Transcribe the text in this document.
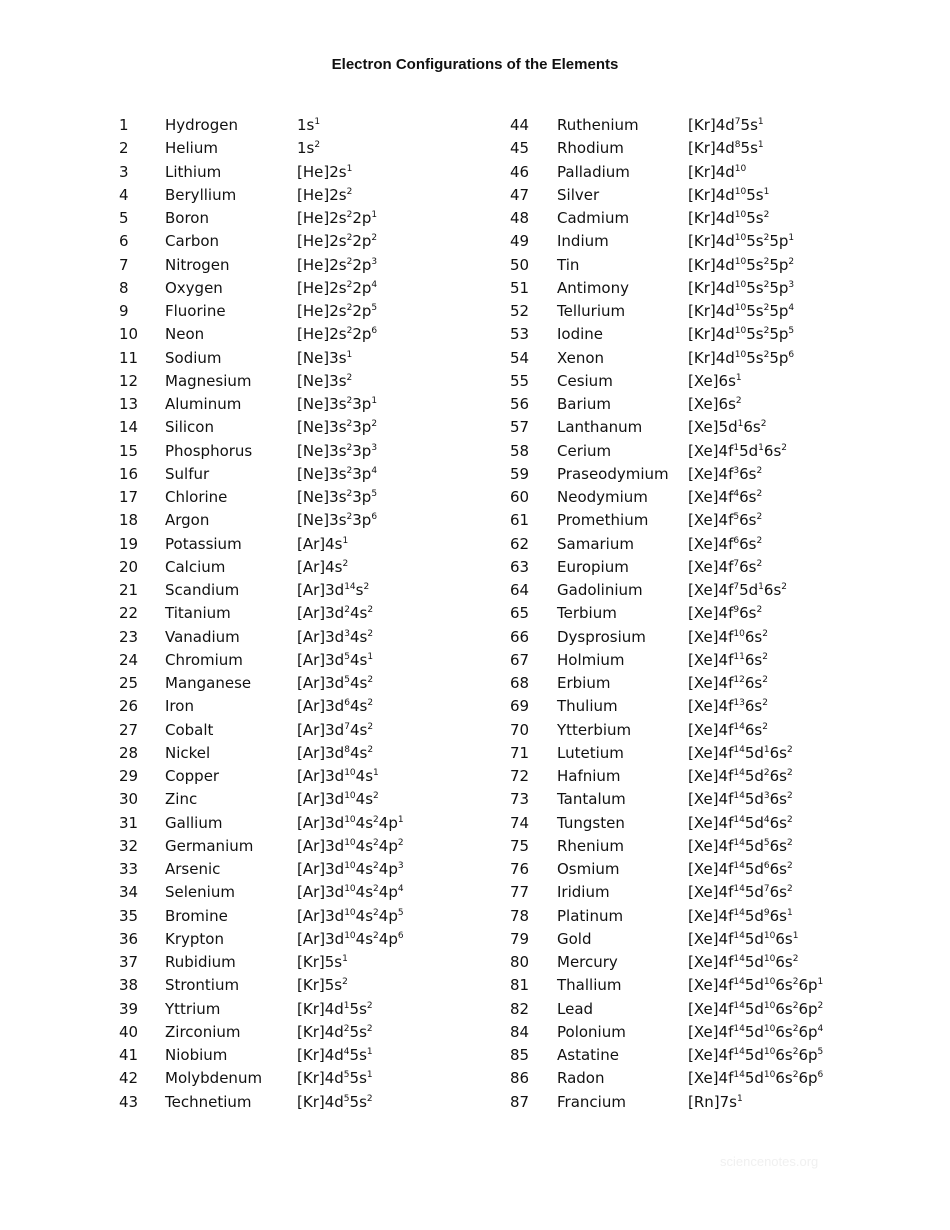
Electron Configurations of the Elements
1 Hydrogen	$1s^1$
2 Helium	$1s^2$
3 Lithium	$[He]2s^1$
4 Beryllium	$[He]2s^2$
5 Boron	$[He]2s^22p^1$
6 Carbon	$[He]2s^22p^2$
7 Nitrogen	$[He]2s^22p^3$
8 Oxygen	$[He]2s^22p^4$
9 Fluorine	$[He]2s^22p^5$
10 Neon	$[He]2s^22p^6$
11 Sodium	$[Ne]3s^1$
12 Magnesium	$[Ne]3s^2$
13 Aluminum	$[Ne]3s^23p^1$
14 Silicon	$[Ne]3s^23p^2$
15 Phosphorus	$[Ne]3s^23p^3$
16 Sulfur	$[Ne]3s^23p^4$
17 Chlorine	$[Ne]3s^23p^5$
18 Argon	$[Ne]3s^23p^6$
19 Potassium	$[Ar]4s^1$
20 Calcium	$[Ar]4s^2$
21 Scandium	$[Ar]3d^{14}s^2$
22 Titanium	$[Ar]3d^24s^2$
23 Vanadium	$[Ar]3d^34s^2$
24 Chromium	$[Ar]3d^54s^1$
25 Manganese	$[Ar]3d^54s^2$
26 Iron	$[Ar]3d^64s^2$
27 Cobalt	$[Ar]3d^74s^2$
28 Nickel	$[Ar]3d^84s^2$
29 Copper	$[Ar]3d^{10}4s^1$
30 Zinc	$[Ar]3d^{10}4s^2$
31 Gallium	$[Ar]3d^{10}4s^24p^1$
32 Germanium	$[Ar]3d^{10}4s^24p^2$
33 Arsenic	$[Ar]3d^{10}4s^24p^3$
34 Selenium	$[Ar]3d^{10}4s^24p^4$
35 Bromine	$[Ar]3d^{10}4s^24p^5$
36 Krypton	$[Ar]3d^{10}4s^24p^6$
37 Rubidium	$[Kr]5s^1$
38 Strontium	$[Kr]5s^2$
39 Yttrium	$[Kr]4d^15s^2$
40 Zirconium	$[Kr]4d^25s^2$
41 Niobium	$[Kr]4d^45s^1$
42 Molybdenum $[Kr]4d^55s^1$
43 Technetium	$[Kr]4d^55s^2$
44 Ruthenium	$[Kr]4d^75s^1$
45 Rhodium	$[Kr]4d^85s^1$
46 Palladium	$[Kr]4d^{10}$
47 Silver	$[Kr]4d^{10}5s^1$
48 Cadmium	$[Kr]4d^{10}5s^2$
49 Indium	$[Kr]4d^{10}5s^25p^1$
50 Tin	$[Kr]4d^{10}5s^25p^2$
51 Antimony	$[Kr]4d^{10}5s^25p^3$
52 Tellurium	$[Kr]4d^{10}5s^25p^4$
53 Iodine	$[Kr]4d^{10}5s^25p^5$
54 Xenon	$[Kr]4d^{10}5s^25p^6$
55 Cesium	$[Xe]6s^1$
56 Barium	$[Xe]6s^2$
57 Lanthanum	$[Xe]5d^16s^2$
58 Cerium	$[Xe]4f^15d^16s^2$
59 Praseodymium $[Xe]4f^36s^2$
60 Neodymium	$[Xe]4f^46s^2$
61 Promethium	$[Xe]4f^56s^2$
62 Samarium	$[Xe]4f^66s^2$
63 Europium	$[Xe]4f^76s^2$
64 Gadolinium	$[Xe]4f^75d^16s^2$
65 Terbium	$[Xe]4f^96s^2$
66 Dysprosium	$[Xe]4f^{10}6s^2$
67 Holmium	$[Xe]4f^{11}6s^2$
68 Erbium	$[Xe]4f^{12}6s^2$
69 Thulium	$[Xe]4f^{13}6s^2$
70 Ytterbium	$[Xe]4f^{14}6s^2$
71 Lutetium	$[Xe]4f^{14}5d^16s^2$
72 Hafnium	$[Xe]4f^{14}5d^26s^2$
73 Tantalum	$[Xe]4f^{14}5d^36s^2$
74 Tungsten	$[Xe]4f^{14}5d^46s^2$
75 Rhenium	$[Xe]4f^{14}5d^56s^2$
76 Osmium	$[Xe]4f^{14}5d^66s^2$
77 Iridium	$[Xe]4f^{14}5d^76s^2$
78 Platinum	$[Xe]4f^{14}5d^96s^1$
79 Gold	$[Xe]4f^{14}5d^{10}6s^1$
80 Mercury	$[Xe]4f^{14}5d^{10}6s^2$
81 Thallium	$[Xe]4f^{14}5d^{10}6s^26p^1$
82 Lead	$[Xe]4f^{14}5d^{10}6s^26p^2$
84 Polonium	$[Xe]4f^{14}5d^{10}6s^26p^4$
85 Astatine	$[Xe]4f^{14}5d^{10}6s^26p^5$
86 Radon	$[Xe]4f^{14}5d^{10}6s^26p^6$
87 Francium	$[Rn]7s^1$
sciencenotes.org
